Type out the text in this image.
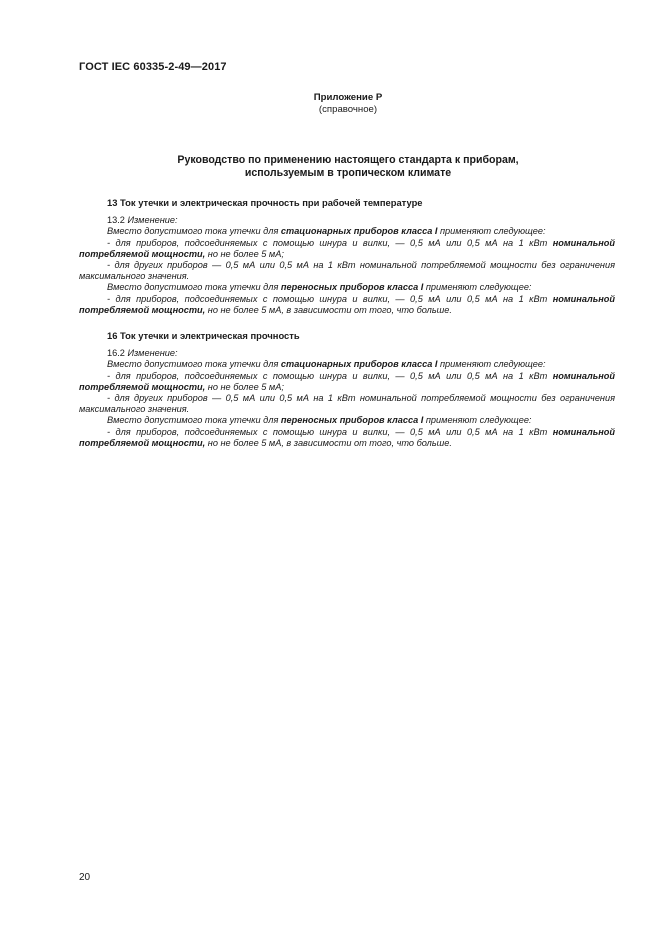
ГОСТ IEC 60335-2-49—2017
Приложение P
(справочное)
Руководство по применению настоящего стандарта к приборам,
используемым в тропическом климате
13 Ток утечки и электрическая прочность при рабочей температуре
13.2 Изменение:
Вместо допустимого тока утечки для стационарных приборов класса I применяют следующее:
- для приборов, подсоединяемых с помощью шнура и вилки, — 0,5 мА или 0,5 мА на 1 кВт номинальной потребляемой мощности, но не более 5 мА;
- для других приборов — 0,5 мА или 0,5 мА на 1 кВт номинальной потребляемой мощности без ограничения максимального значения.
Вместо допустимого тока утечки для переносных приборов класса I применяют следующее:
- для приборов, подсоединяемых с помощью шнура и вилки, — 0,5 мА или 0,5 мА на 1 кВт номинальной потребляемой мощности, но не более 5 мА, в зависимости от того, что больше.
16 Ток утечки и электрическая прочность
16.2 Изменение:
Вместо допустимого тока утечки для стационарных приборов класса I применяют следующее:
- для приборов, подсоединяемых с помощью шнура и вилки, — 0,5 мА или 0,5 мА на 1 кВт номинальной потребляемой мощности, но не более 5 мА;
- для других приборов — 0,5 мА или 0,5 мА на 1 кВт номинальной потребляемой мощности без ограничения максимального значения.
Вместо допустимого тока утечки для переносных приборов класса I применяют следующее:
- для приборов, подсоединяемых с помощью шнура и вилки, — 0,5 мА или 0,5 мА на 1 кВт номинальной потребляемой мощности, но не более 5 мА, в зависимости от того, что больше.
20
